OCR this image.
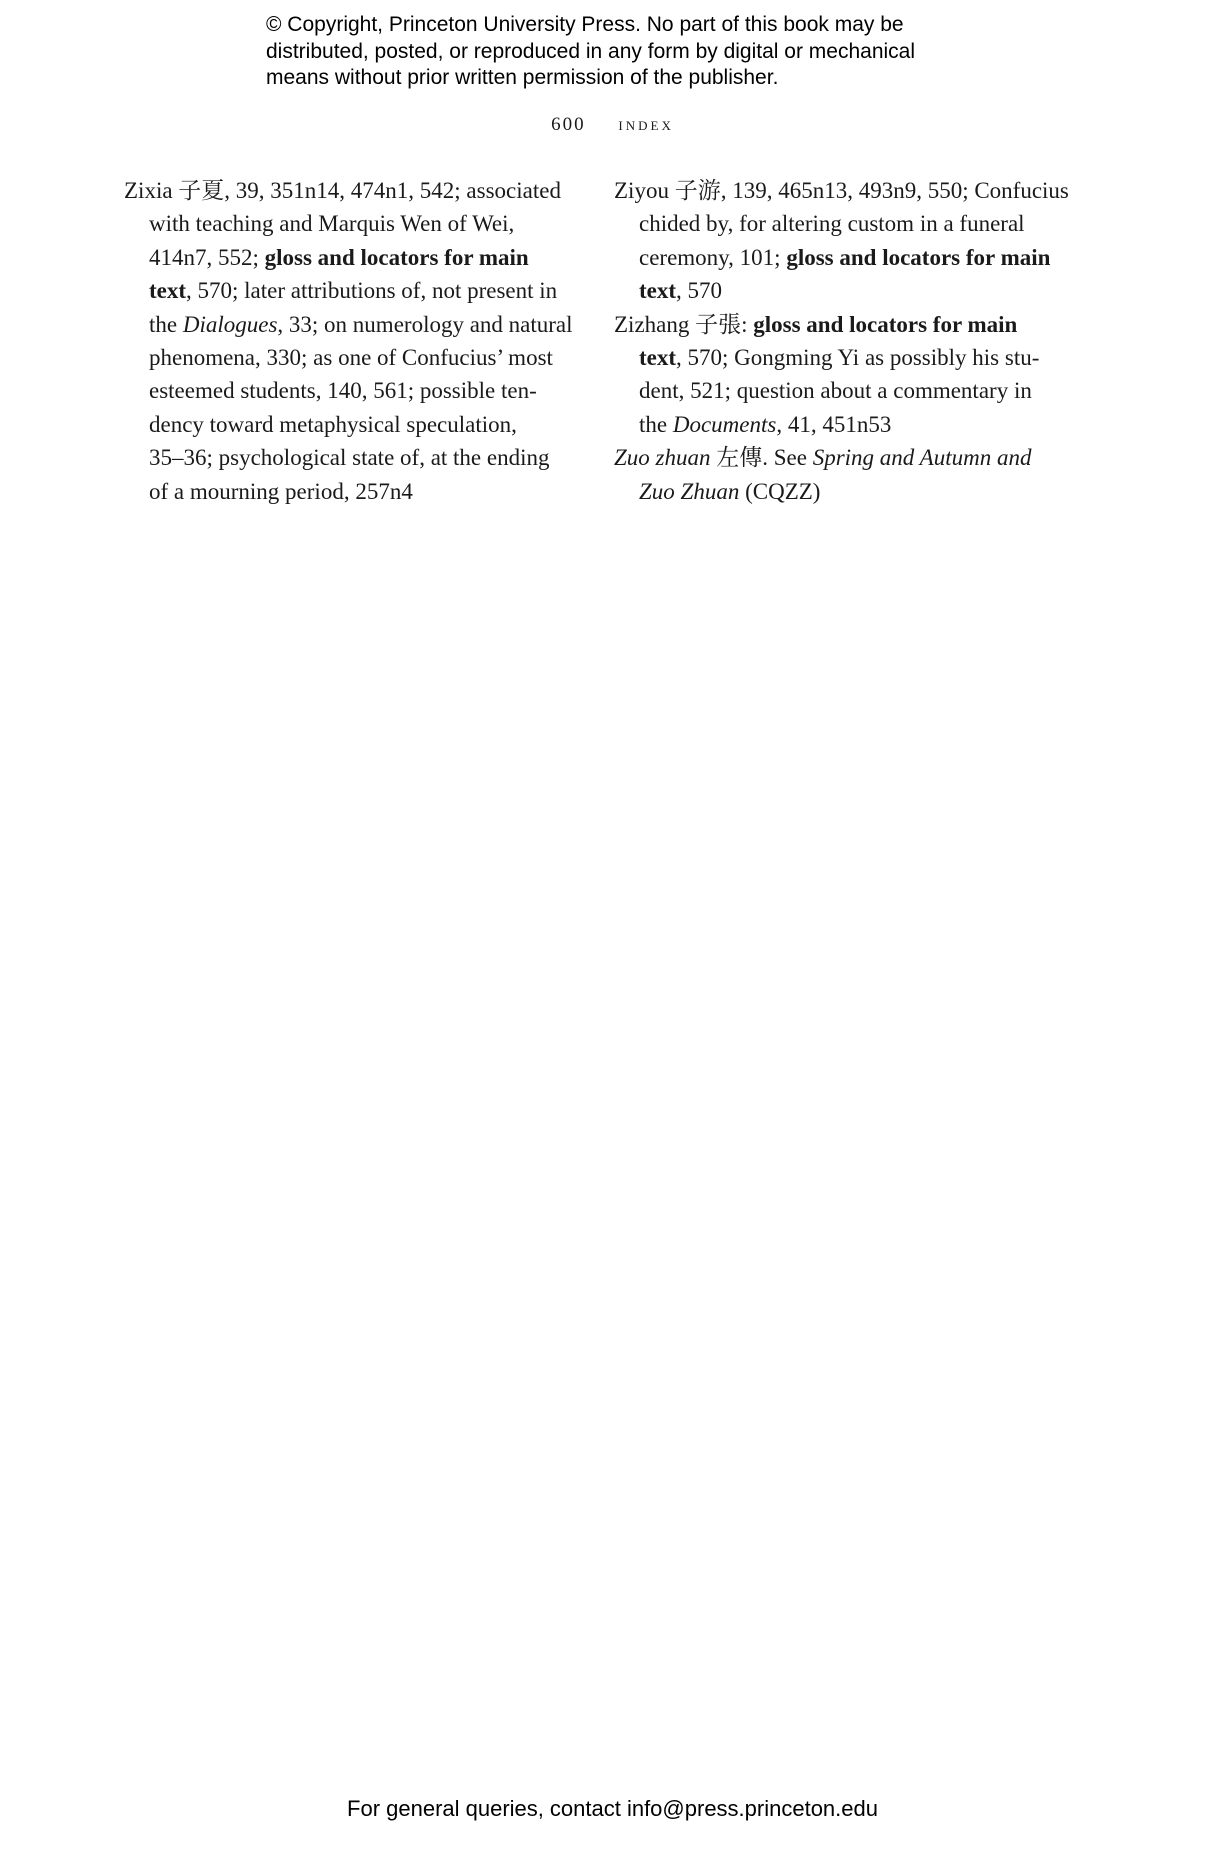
© Copyright, Princeton University Press. No part of this book may be
distributed, posted, or reproduced in any form by digital or mechanical
means without prior written permission of the publisher.
600 index
Zixia 子夏, 39, 351n14, 474n1, 542; associated
with teaching and Marquis Wen of Wei,
414n7, 552; gloss and locators for main
text, 570; later attributions of, not present in
the Dialogues, 33; on numerology and natural
phenomena, 330; as one of Confucius’ most
esteemed students, 140, 561; possible ten-
dency toward metaphysical speculation,
35–36; psychological state of, at the ending
of a mourning period, 257n4
Ziyou 子游, 139, 465n13, 493n9, 550; Confucius
chided by, for altering custom in a funeral
ceremony, 101; gloss and locators for main
text, 570
Zizhang 子張: gloss and locators for main
text, 570; Gongming Yi as possibly his stu-
dent, 521; question about a commentary in
the Documents, 41, 451n53
Zuo zhuan 左傳. See Spring and Autumn and
Zuo Zhuan (CQZZ)
For general queries, contact info@press.princeton.edu
